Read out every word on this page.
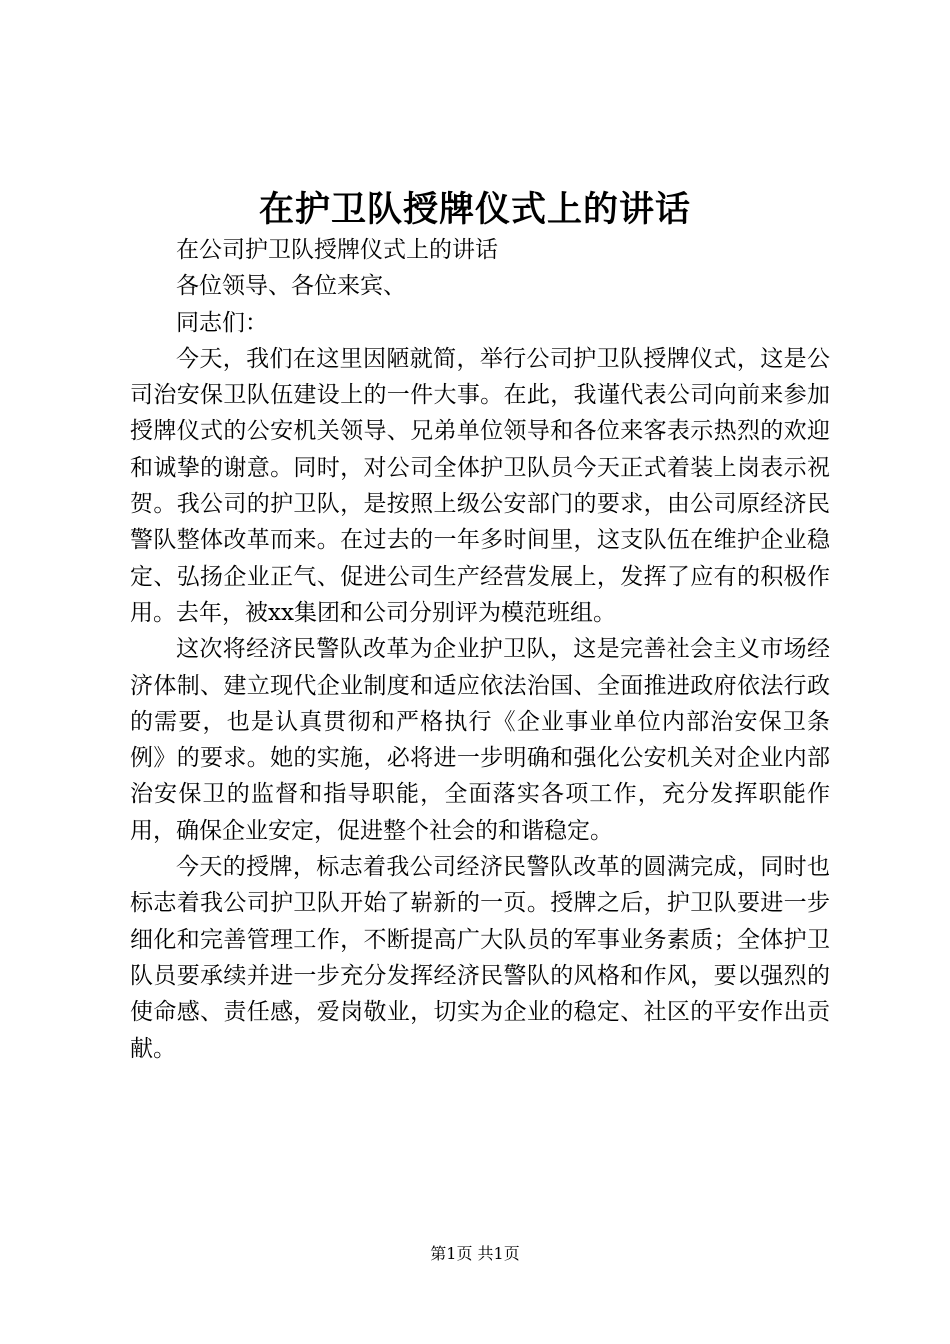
在护卫队授牌仪式上的讲话

在公司护卫队授牌仪式上的讲话

各位领导、各位来宾、

同志们：

今天，我们在这里因陋就简，举行公司护卫队授牌仪式，这是公司治安保卫队伍建设上的一件大事。在此，我谨代表公司向前来参加授牌仪式的公安机关领导、兄弟单位领导和各位来客表示热烈的欢迎和诚挚的谢意。同时，对公司全体护卫队员今天正式着装上岗表示祝贺。我公司的护卫队，是按照上级公安部门的要求，由公司原经济民警队整体改革而来。在过去的一年多时间里，这支队伍在维护企业稳定、弘扬企业正气、促进公司生产经营发展上，发挥了应有的积极作用。去年，被xx集团和公司分别评为模范班组。

这次将经济民警队改革为企业护卫队，这是完善社会主义市场经济体制、建立现代企业制度和适应依法治国、全面推进政府依法行政的需要，也是认真贯彻和严格执行《企业事业单位内部治安保卫条例》的要求。她的实施，必将进一步明确和强化公安机关对企业内部治安保卫的监督和指导职能，全面落实各项工作，充分发挥职能作用，确保企业安定，促进整个社会的和谐稳定。

今天的授牌，标志着我公司经济民警队改革的圆满完成，同时也标志着我公司护卫队开始了崭新的一页。授牌之后，护卫队要进一步细化和完善管理工作，不断提高广大队员的军事业务素质；全体护卫队员要承续并进一步充分发挥经济民警队的风格和作风，要以强烈的使命感、责任感，爱岗敬业，切实为企业的稳定、社区的平安作出贡献。

第1页 共1页
